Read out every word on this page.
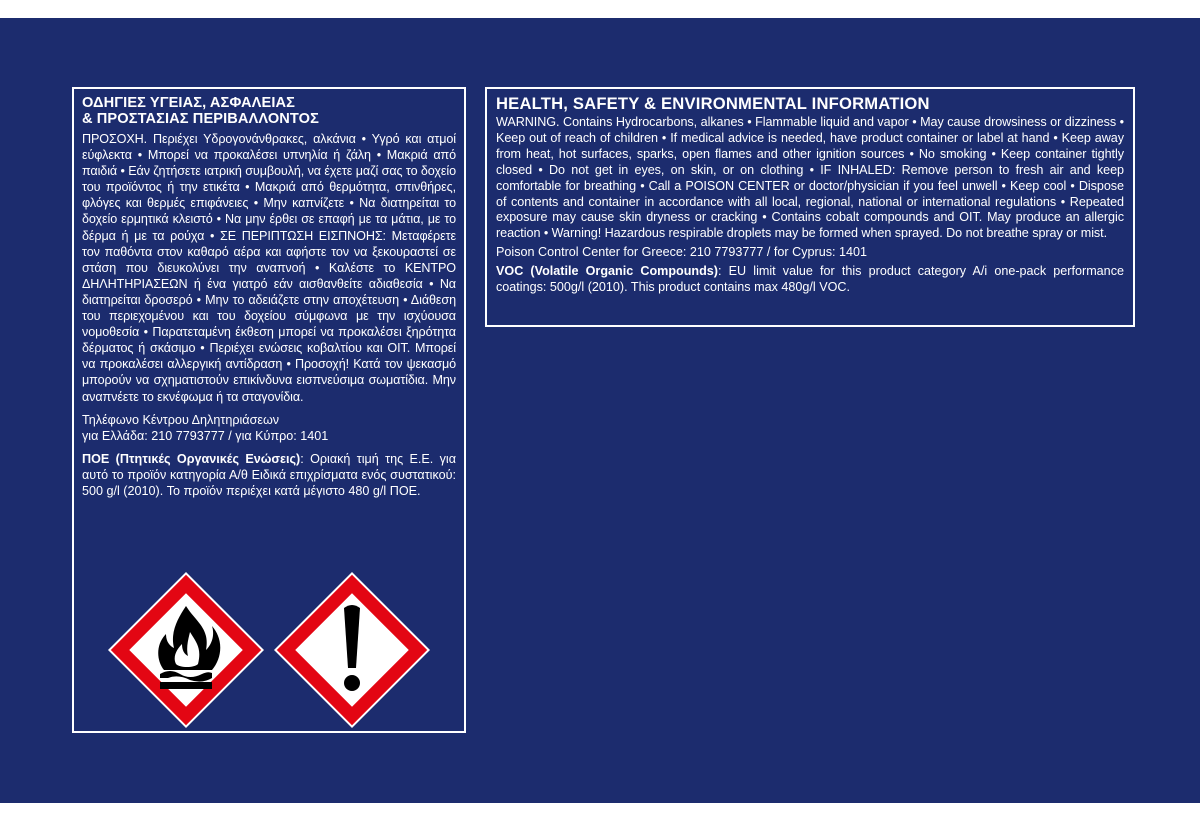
ΟΔΗΓΙΕΣ ΥΓΕΙΑΣ, ΑΣΦΑΛΕΙΑΣ
& ΠΡΟΣΤΑΣΙΑΣ ΠΕΡΙΒΑΛΛΟΝΤΟΣ

ΠΡΟΣΟΧΗ. Περιέχει Υδρογονάνθρακες, αλκάνια • Υγρό και ατμοί εύφλεκτα • Μπορεί να προκαλέσει υπνηλία ή ζάλη • Μακριά από παιδιά • Εάν ζητήσετε ιατρική συμβουλή, να έχετε μαζί σας το δοχείο του προϊόντος ή την ετικέτα • Μακριά από θερμότητα, σπινθήρες, φλόγες και θερμές επιφάνειες • Μην καπνίζετε • Να διατηρείται το δοχείο ερμητικά κλειστό • Να μην έρθει σε επαφή με τα μάτια, με το δέρμα ή με τα ρούχα • ΣΕ ΠΕΡΙΠΤΩΣΗ ΕΙΣΠΝΟΗΣ: Μεταφέρετε τον παθόντα στον καθαρό αέρα και αφήστε τον να ξεκουραστεί σε στάση που διευκολύνει την αναπνοή • Καλέστε το ΚΕΝΤΡΟ ΔΗΛΗΤΗΡΙΑΣΕΩΝ ή ένα γιατρό εάν αισθανθείτε αδιαθεσία • Να διατηρείται δροσερό • Μην το αδειάζετε στην αποχέτευση • Διάθεση του περιεχομένου και του δοχείου σύμφωνα με την ισχύουσα νομοθεσία • Παρατεταμένη έκθεση μπορεί να προκαλέσει ξηρότητα δέρματος ή σκάσιμο • Περιέχει ενώσεις κοβαλτίου και ΟΙΤ. Μπορεί να προκαλέσει αλλεργική αντίδραση • Προσοχή! Κατά τον ψεκασμό μπορούν να σχηματιστούν επικίνδυνα εισπνεύσιμα σωματίδια. Μην αναπνέετε το εκνέφωμα ή τα σταγονίδια.

Τηλέφωνο Κέντρου Δηλητηριάσεων
για Ελλάδα: 210 7793777 / για Κύπρο: 1401

ΠΟΕ (Πτητικές Οργανικές Ενώσεις): Οριακή τιμή της Ε.Ε. για αυτό το προϊόν κατηγορία Α/θ Ειδικά επιχρίσματα ενός συστατικού: 500 g/l (2010). Το προϊόν περιέχει κατά μέγιστο 480 g/l ΠΟΕ.

HEALTH, SAFETY & ENVIRONMENTAL INFORMATION

WARNING. Contains Hydrocarbons, alkanes • Flammable liquid and vapor • May cause drowsiness or dizziness • Keep out of reach of children • If medical advice is needed, have product container or label at hand • Keep away from heat, hot surfaces, sparks, open flames and other ignition sources • No smoking • Keep container tightly closed • Do not get in eyes, on skin, or on clothing • IF INHALED: Remove person to fresh air and keep comfortable for breathing • Call a POISON CENTER or doctor/physician if you feel unwell • Keep cool • Dispose of contents and container in accordance with all local, regional, national or international regulations • Repeated exposure may cause skin dryness or cracking • Contains cobalt compounds and OIT. May produce an allergic reaction • Warning! Hazardous respirable droplets may be formed when sprayed. Do not breathe spray or mist.

Poison Control Center for Greece: 210 7793777 / for Cyprus: 1401

VOC (Volatile Organic Compounds): EU limit value for this product category A/i one-pack performance coatings: 500g/l (2010). This product contains max 480g/l VOC.
